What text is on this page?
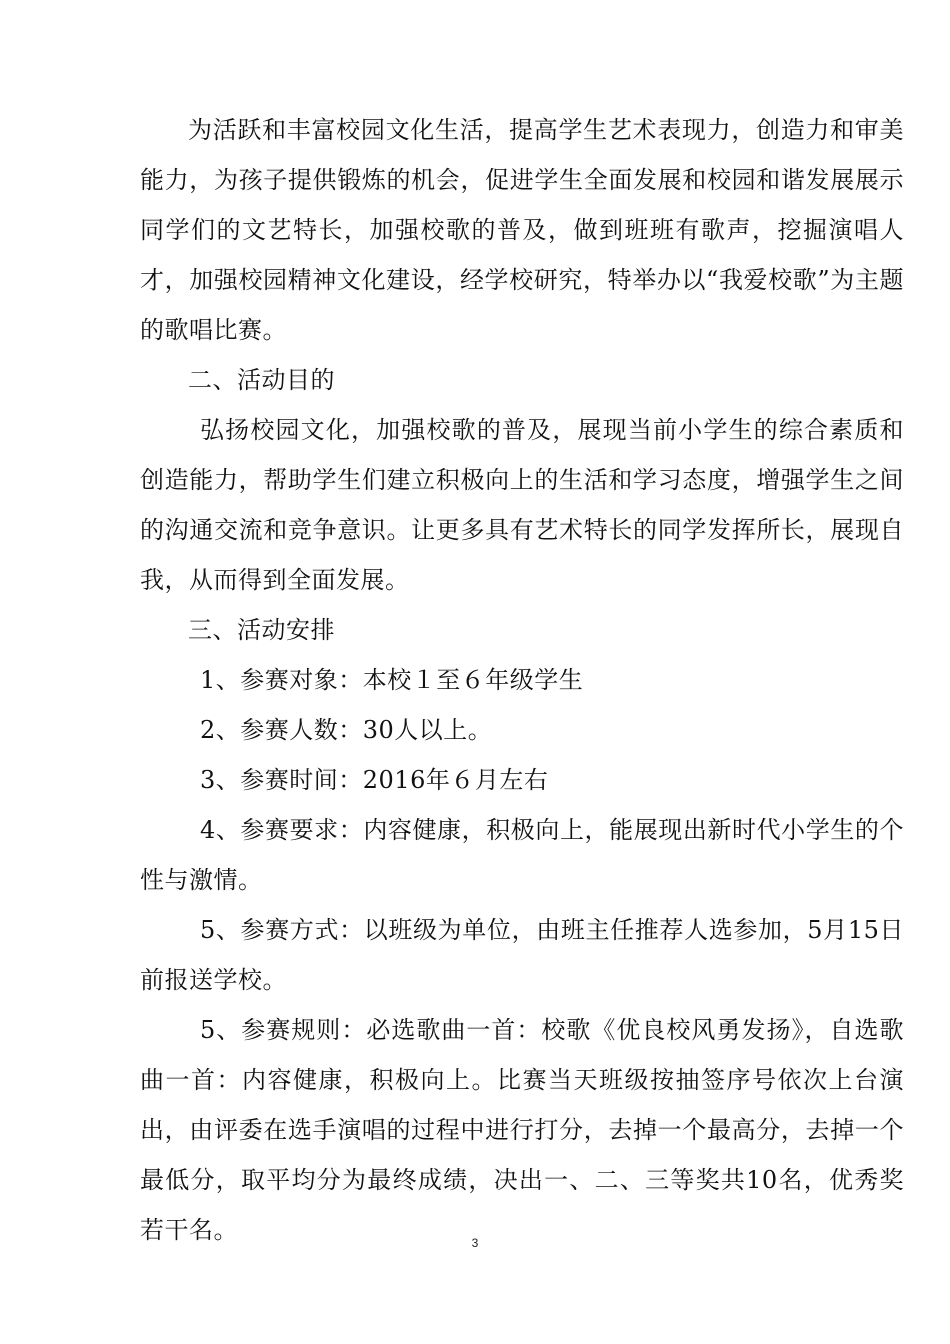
为活跃和丰富校园文化生活，提高学生艺术表现力，创造力和审美能力，为孩子提供锻炼的机会，促进学生全面发展和校园和谐发展展示同学们的文艺特长，加强校歌的普及，做到班班有歌声，挖掘演唱人才，加强校园精神文化建设，经学校研究，特举办以“我爱校歌”为主题的歌唱比赛。

二、活动目的

弘扬校园文化，加强校歌的普及，展现当前小学生的综合素质和创造能力，帮助学生们建立积极向上的生活和学习态度，增强学生之间的沟通交流和竞争意识。让更多具有艺术特长的同学发挥所长，展现自我，从而得到全面发展。

三、活动安排

1、参赛对象：本校１至６年级学生

2、参赛人数：30人以上。

3、参赛时间：2016年６月左右

4、参赛要求：内容健康，积极向上，能展现出新时代小学生的个性与激情。

5、参赛方式：以班级为单位，由班主任推荐人选参加，5月15日前报送学校。

5、参赛规则：必选歌曲一首：校歌《优良校风勇发扬》，自选歌曲一首：内容健康，积极向上。比赛当天班级按抽签序号依次上台演出，由评委在选手演唱的过程中进行打分，去掉一个最高分，去掉一个最低分，取平均分为最终成绩，决出一、二、三等奖共10名，优秀奖若干名。	3
